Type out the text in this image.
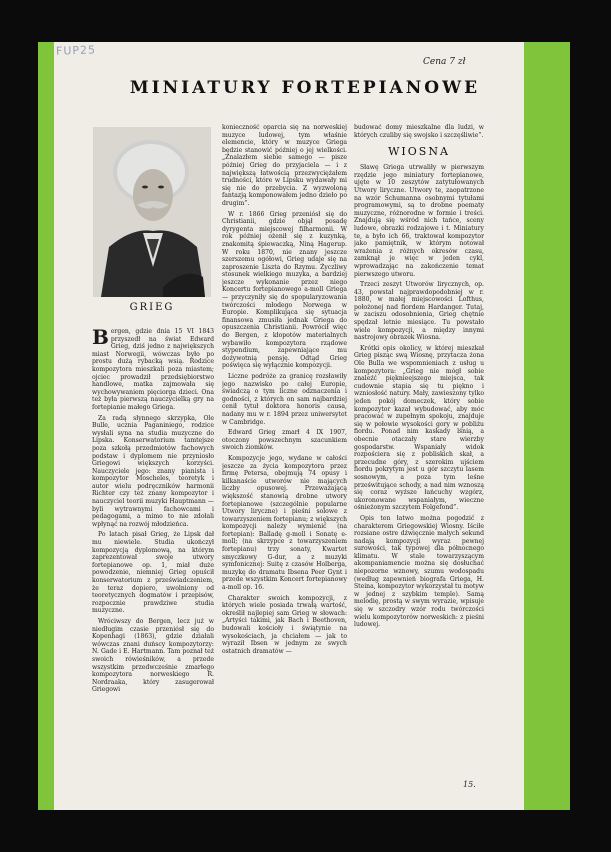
FUP25
Cena 7 zł
MINIATURY FORTEPIANOWE
GRIEG

Bergen, gdzie dnia 15 VI 1843 przyszedł na świat Edward Grieg, dziś jedno z największych miast Norwegii, wówczas było po prostu dużą rybacką wsią. Rodzice kompozytora mieszkali poza miastem; ojciec prowadził przedsiębiorstwo handlowe, matka zajmowała się wychowywaniem pięciorga dzieci. Ona też była pierwszą nauczycielką gry na fortepianie małego Griega.

Za radą słynnego skrzypka, Ole Bulle, ucznia Paganiniego, rodzice wysłali syna na studia muzyczne do Lipska. Konserwatorium tamtejsze poza szkołą przedmiotów fachowych podstaw i dyplomem nie przyniosło Griegowi większych korzyści. Nauczyciele jego: znany pianista i kompozytor Moscheles, teoretyk i autor wielu podręczników harmonii Richter czy też znany kompozytor i nauczyciel teorii muzyki Hauptmann — byli wytrawnymi fachowcami i pedagogami, a mimo to nie zdołali wpłynąć na rozwój młodzieńca.

Po latach pisał Grieg, że Lipsk dał mu niewiele. Studia ukończył kompozycją dyplomową, na którym zaprezentował swoje utwory fortepianowe op. 1, miał duże powodzenie, niemniej Grieg opuścił konserwatorium z przeświadczeniem, że teraz dopiero, uwolniony od teoretycznych dogmatów i przepisów, rozpocznie prawdziwe studia muzyczne.

Wróciwszy do Bergen, lecz już w niedługim czasie przeniósł się do Kopenhagi (1863), gdzie działali wówczas znani duńscy kompozytorzy: N. Gade i E. Hartmann. Tam poznał też swoich rówieśników, a przede wszystkim przedwcześnie zmarłego kompozytora norweskiego R. Nordraaka, który zasugerował Griegowi

konieczność oparcia się na norweskiej muzyce ludowej, tym właśnie elemencie, który w muzyce Griega będzie stanowić później o jej wielkości. „Znalazłem siebie samego — pisze później Grieg do przyjaciela — i z największą łatwością przezwyciężałem trudności, które w Lipsku wydawały mi się nie do przebycia. Z wyzwoloną fantazją komponowałem jedno dzieło po drugim”.

W r. 1866 Grieg przeniósł się do Christianii, gdzie objął posadę dyrygenta miejscowej filharmonii. W rok później ożenił się z kuzynką, znakomitą śpiewaczką, Niną Hagerup. W roku 1870, nie znany jeszcze szerszemu ogółowi, Grieg udaje się na zaproszenie Liszta do Rzymu. Życzliwy stosunek wielkiego muzyka, a bardziej jeszcze wykonanie przez niego Koncertu fortepianowego a-moll Griega — przyczyniły się do spopularyzowania twórczości młodego Norwega w Europie. Komplikująca się sytuacja finansowa zmusiła jednak Griega do opuszczenia Christianii. Powrócił więc do Bergen, z kłopotów materialnych wybawiło kompozytora rządowe stypendium, zapewniające mu dożywotnią pensję. Odtąd Grieg poświęca się wyłącznie kompozycji.

Liczne podróże za granicę rozsławiły jego nazwisko po całej Europie, świadczą o tym liczne odznaczenia i godności, z których on sam najbardziej cenił tytuł doktora honoris causa, nadany mu w r. 1894 przez uniwersytet w Cambridge.

Edward Grieg zmarł 4 IX 1907, otoczony powszechnym szacunkiem swoich ziomków.

Kompozycje jego, wydane w całości jeszcze za życia kompozytora przez firmę Petersa, obejmują 74 opusy i kilkanaście utworów nie mających liczby opusowej. Przeważającą większość stanowią drobne utwory fortepianowe (szczególnie popularne Utwory liryczne) i pieśni solowe z towarzyszeniem fortepianu; z większych kompozycji należy wymienić (na fortepian): Balladę g-moll i Sonatę e-moll; (na skrzypce z towarzyszeniem fortepianu) trzy sonaty, Kwartet smyczkowy G-dur, a z muzyki symfonicznej: Suitę z czasów Holberga, muzykę do dramatu Ibsena Peer Gynt i przede wszystkim Koncert fortepianowy a-moll op. 16.

Charakter swoich kompozycji, z których wiele posiada trwałą wartość, określił najlepiej sam Grieg w słowach: „Artyści takimi, jak Bach i Beethoven, budowali kościoły i świątynie na wysokościach, ja chciałem — jak to wyraził Ibsen w jednym ze swych ostatnich dramatów —

budować domy mieszkalne dla ludzi, w których czuliby się swojsko i szczęśliwie”.

WIOSNA

Sławę Griega utrwaliły w pierwszym rzędzie jego miniatury fortepianowe, ujęte w 10 zeszytów zatytułowanych Utwory liryczne. Utwory te, zaopatrzone na wzór Schumanna osobnymi tytułami programowymi, są to drobne poematy muzyczne, różnorodne w formie i treści. Znajdują się wśród nich tańce, sceny ludowe, obrazki rodzajowe i t. Miniatury te, a było ich 66, traktował kompozytor jako pamiętnik, w którym notował wrażenia z różnych okresów czasu, zamknął je więc w jeden cykl, wprowadzając na zakończenie temat pierwszego utworu.

Trzeci zeszyt Utworów lirycznych, op. 43, powstał najprawdopodobniej w r. 1880, w małej miejscowości Lofthus, położonej nad fiordem Hardanger. Tutaj, w zaciszu odosobnienia, Grieg chętnie spędzał letnie miesiące. Tu powstało wiele kompozycji, a między innymi nastrojowy obrazek Wiosna.

Krótki opis okolicy, w której mieszkał Grieg pisząc swą Wiosnę, przytacza żona Ole Bulla we wspomnieniach z usług u kompozytora: „Grieg nie mógł sobie znaleźć pięknieejszego miejsca, tak cudownie stapia się tu piękno i wzniosłość natury. Mały, zawieszony tylko jeden pokój domeczek, który sobie kompozytor kazał wybudować, aby móc pracować w zupełnym spokoju, znajduje się w połowie wysokości gory w pobliżu fiordu. Ponad nim kaskady lśnią, a obecnie otaczały stare wierzby gospodarstw. Wspaniały widok rozpościera się z pobliskich skał, a przecudne góry, z szerokim ujściem fiordu pokrytym jest u gór szczytu lasem sosnowym, a poza tym leśne prześwitujące schody, a nad nim wznoszą się coraz wyższe łańcuchy wzgórz, ukoronowane wspaniałym, wieczne ośnieżonym szczytem Folgefond”.

Opis ten łatwo można pogodzić z charakterem Griegowskiej Wiosny. Iściłe rozsiane ostre dźwięcznie małych sekund nadają kompozycji wyraz pewnej surowości, tak typowej dla północnego klimatu. W stale towarzyszącym akompaniamencie można się dosłuchać niepozorne wznowy, szumu wodospadu (według zapewnień biografa Griega, H. Steina, kompozytor wykorzystał tu motyw w jednej z szybkim temple). Samą melodię, prostą w swym wyrazie, wpisuje się w szczodry wzór rodu twórczości wielu kompozytorów norweskich: z pieśni ludowej.

15.
